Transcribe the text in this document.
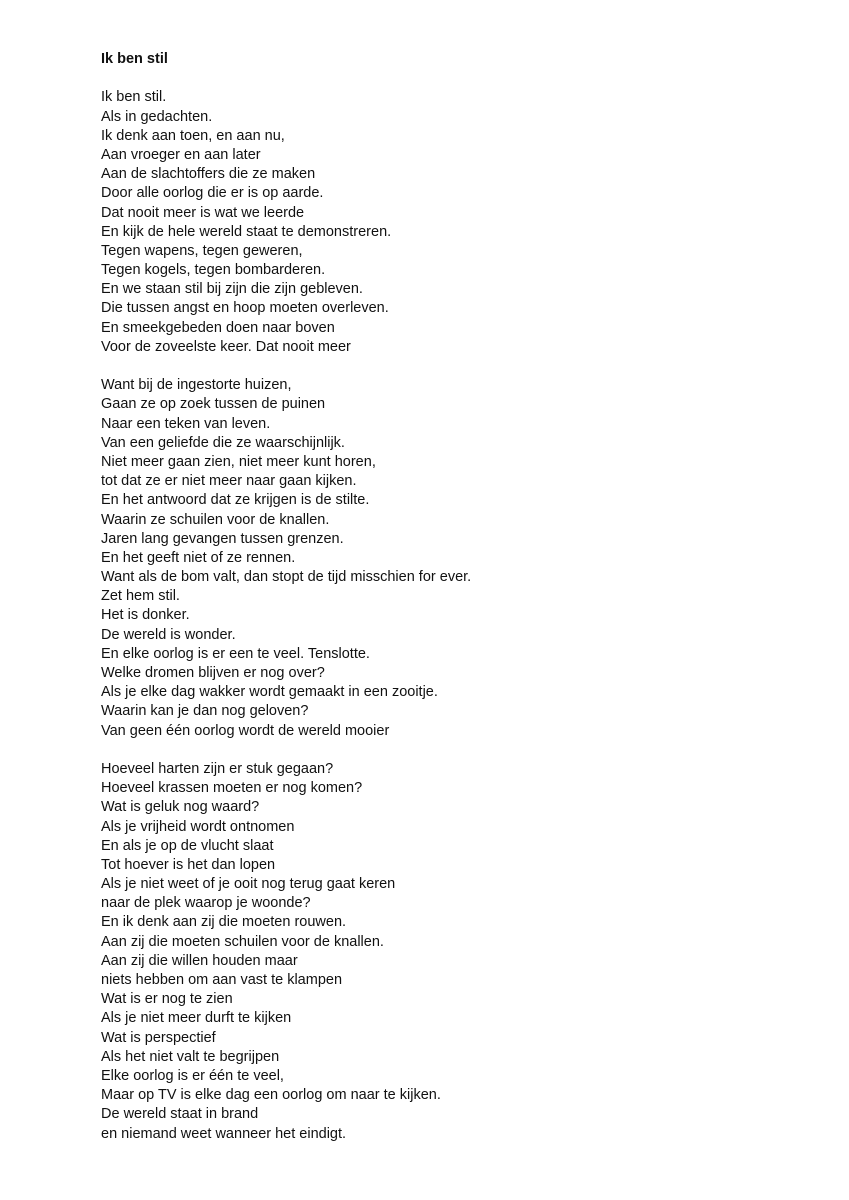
Ik ben stil
Ik ben stil.
Als in gedachten.
Ik denk aan toen, en aan nu,
Aan vroeger en aan later
Aan de slachtoffers die ze maken
Door alle oorlog die er is op aarde.
Dat nooit meer is wat we leerde
En kijk de hele wereld staat te demonstreren.
Tegen wapens, tegen geweren,
Tegen kogels, tegen bombarderen.
En we staan stil bij zijn die zijn gebleven.
Die tussen angst en hoop moeten overleven.
En smeekgebeden doen naar boven
Voor de zoveelste keer. Dat nooit meer
Want bij de ingestorte huizen,
Gaan ze op zoek tussen de puinen
Naar een teken van leven.
Van een geliefde die ze waarschijnlijk.
Niet meer gaan zien, niet meer kunt horen,
tot dat ze er niet meer naar gaan kijken.
En het antwoord dat ze krijgen is de stilte.
Waarin ze schuilen voor de knallen.
Jaren lang gevangen tussen grenzen.
En het geeft niet of ze rennen.
Want als de bom valt, dan stopt de tijd misschien for ever.
Zet hem stil.
Het is donker.
De wereld is wonder.
En elke oorlog is er een te veel. Tenslotte.
Welke dromen blijven er nog over?
Als je elke dag wakker wordt gemaakt in een zooitje.
Waarin kan je dan nog geloven?
Van geen één oorlog wordt de wereld mooier
Hoeveel harten zijn er stuk gegaan?
Hoeveel krassen moeten er nog komen?
Wat is geluk nog waard?
Als je vrijheid wordt ontnomen
En als je op de vlucht slaat
Tot hoever is het dan lopen
Als je niet weet of je ooit nog terug gaat keren
naar de plek waarop je woonde?
En ik denk aan zij die moeten rouwen.
Aan zij die moeten schuilen voor de knallen.
Aan zij die willen houden maar
niets hebben om aan vast te klampen
Wat is er nog te zien
Als je niet meer durft te kijken
Wat is perspectief
Als het niet valt te begrijpen
Elke oorlog is er één te veel,
Maar op TV is elke dag een oorlog om naar te kijken.
De wereld staat in brand
en niemand weet wanneer het eindigt.
